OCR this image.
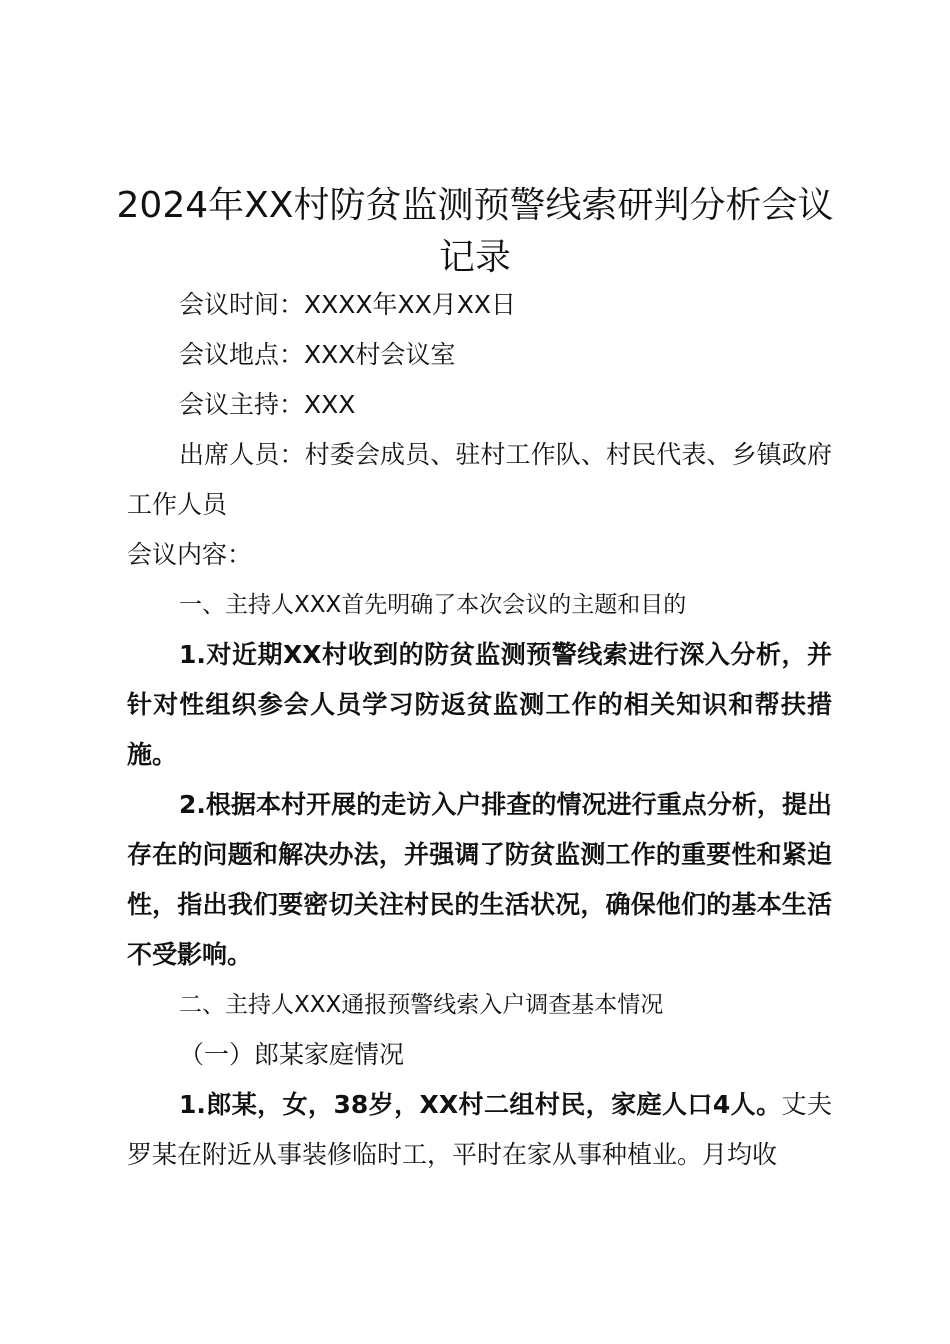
2024年XX村防贫监测预警线索研判分析会议记录
会议时间：XXXX年XX月XX日
会议地点：XXX村会议室
会议主持：XXX

出席人员：村委会成员、驻村工作队、村民代表、乡镇政府工作人员

会议内容：
一、主持人XXX首先明确了本次会议的主题和目的

1.对近期XX村收到的防贫监测预警线索进行深入分析，并针对性组织参会人员学习防返贫监测工作的相关知识和帮扶措施。

2.根据本村开展的走访入户排查的情况进行重点分析，提出存在的问题和解决办法，并强调了防贫监测工作的重要性和紧迫性，指出我们要密切关注村民的生活状况，确保他们的基本生活不受影响。

二、主持人XXX通报预警线索入户调查基本情况
（一）郎某家庭情况

1.郎某，女，38岁，XX村二组村民，家庭人口4人。丈夫罗某在附近从事装修临时工，平时在家从事种植业。月均收
